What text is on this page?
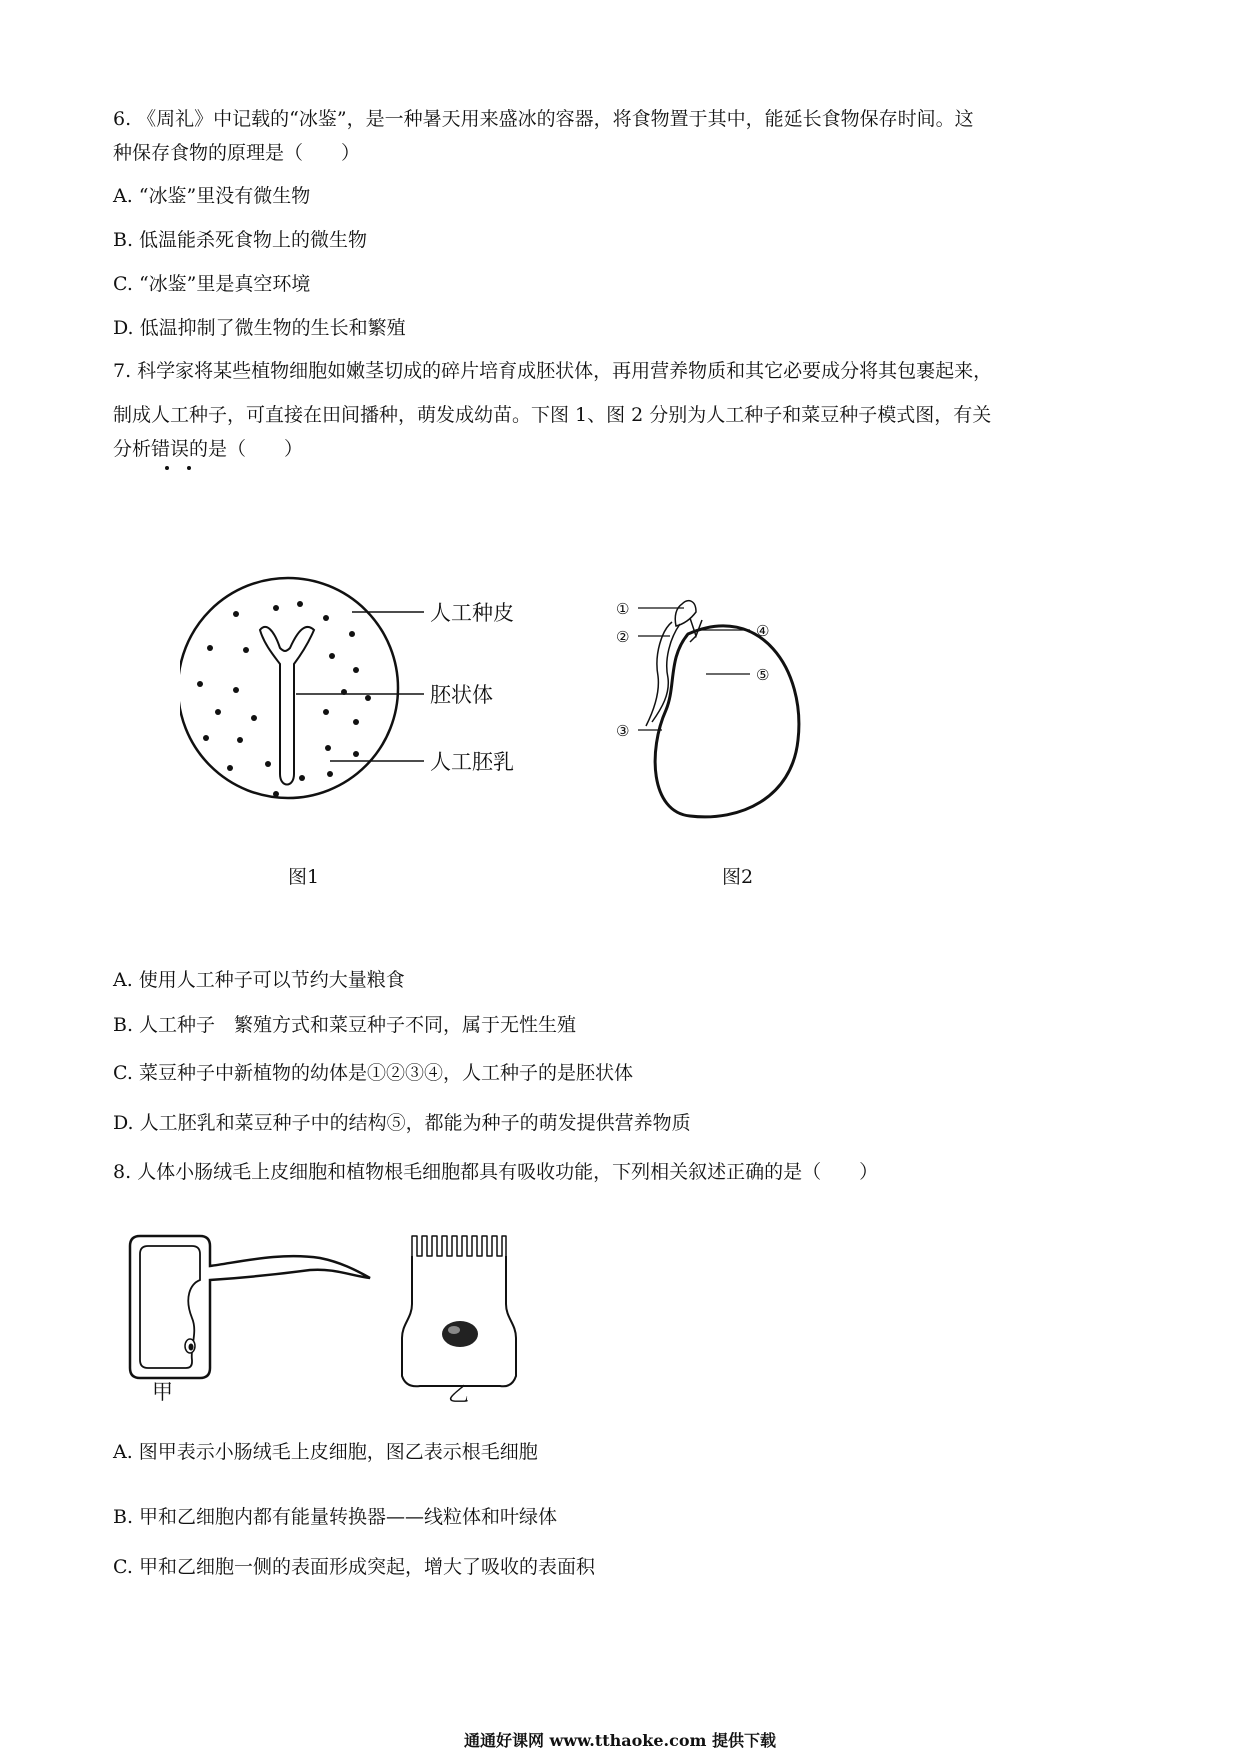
6. 《周礼》中记载的“冰鉴”，是一种暑天用来盛冰的容器，将食物置于其中，能延长食物保存时间。这
种保存食物的原理是（　　）
A. “冰鉴”里没有微生物
B. 低温能杀死食物上的微生物
C. “冰鉴”里是真空环境
D. 低温抑制了微生物的生长和繁殖
7. 科学家将某些植物细胞如嫩茎切成的碎片培育成胚状体，再用营养物质和其它必要成分将其包裹起来，
制成人工种子，可直接在田间播种，萌发成幼苗。下图 1、图 2 分别为人工种子和菜豆种子模式图，有关
分析错误的是（　　）
人工种皮
胚状体
人工胚乳
图1
①
②
③
④
⑤
图2
A. 使用人工种子可以节约大量粮食
B. 人工种子　繁殖方式和菜豆种子不同，属于无性生殖
C. 菜豆种子中新植物的幼体是①②③④，人工种子的是胚状体
D. 人工胚乳和菜豆种子中的结构⑤，都能为种子的萌发提供营养物质
8. 人体小肠绒毛上皮细胞和植物根毛细胞都具有吸收功能，下列相关叙述正确的是（　　）
甲	乙
A. 图甲表示小肠绒毛上皮细胞，图乙表示根毛细胞
B. 甲和乙细胞内都有能量转换器——线粒体和叶绿体
C. 甲和乙细胞一侧的表面形成突起，增大了吸收的表面积
通通好课网 www.tthaoke.com 提供下载
